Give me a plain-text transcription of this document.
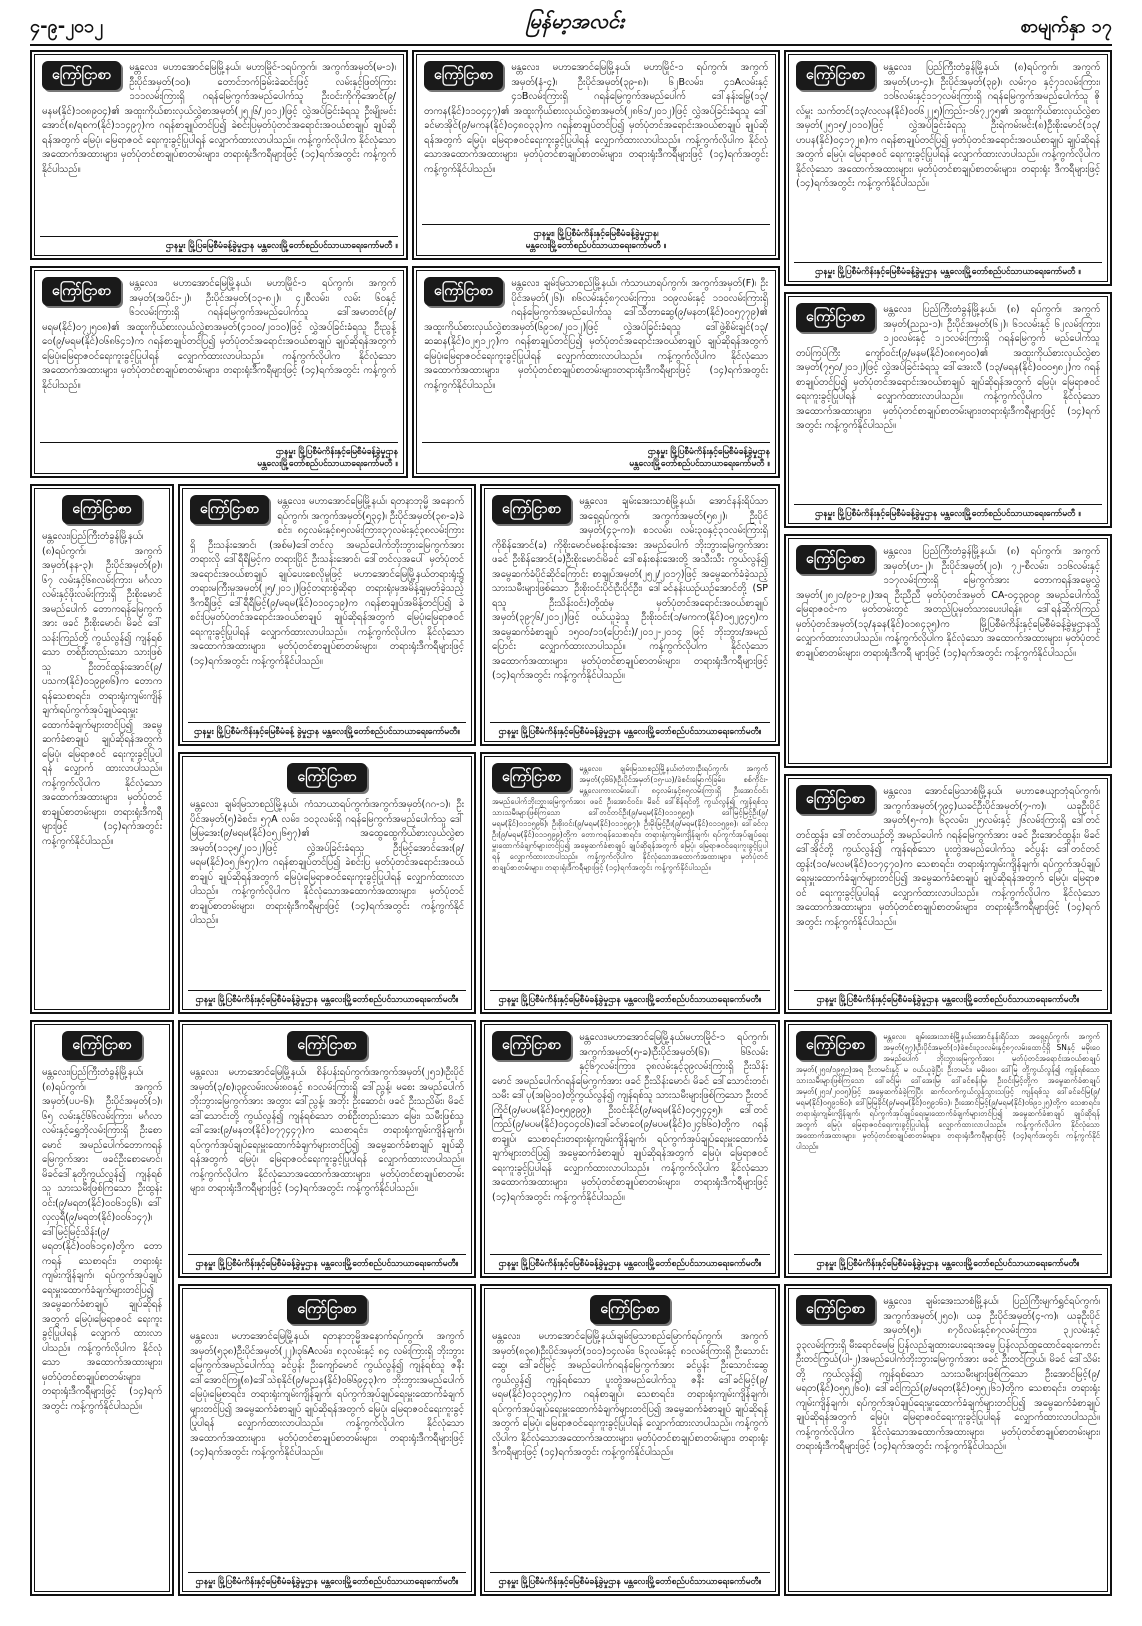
၄-၉-၂၀၁၂	မြန်မာ့အလင်း	စာမျက်နှာ ၁၇
ကြော်ငြာစာ	မန္တလေး၊ မဟာအောင်မြေမြို့နယ်၊ မဟာမြိုင်-၁ရပ်ကွက်၊ အကွက်အမှတ်(မ-၁)၊ ဦးပိုင်အမှတ်(၁၀)၊ တောင်ဘက်ခြမ်းခဲဆင်းဖြင့် လမ်းနှင့်ဖြတ်ကြား ၁၁၁လမ်းကြားရှိ ဂရန်မြေကွက်အမည်ပေါက်သူ ဦးဝင်းကိုကိုအောင်(၉/မနမ(နိုင်)၁၀၈၉၀၄)၏ အထူးကိုယ်စားလှယ်လွှဲစာအမှတ်(၂၅၂၆/၂၀၁၂)ဖြင့် လွှဲအပ်ခြင်းခံရသူ ဦးမျိုးမင်းအောင်(၈/ရစက(နိုင်)၁၁၄၉၇)က ဂရန်စာချုပ်တင်ပြ၍ ခဲစင်းပြမှတ်ပုံတင်အရောင်းအဝယ်စာချုပ် ချုပ်ဆိုရန်အတွက် မြေပုံ၊ မြေရာဇဝင် ရေးကူးခွင့်ပြုပါရန် လျှောက်ထားလာပါသည်။ ကန့်ကွက်လိုပါက နိုင်လုံသောအထောက်အထားများ၊ မှတ်ပုံတင်စာချုပ်စာတမ်းများ၊ တရားရုံးဒီကရီများဖြင့် (၁၄)ရက်အတွင်း ကန့်ကွက်နိုင်ပါသည်။

ဌာနမှူး မြို့ပြမြေစီမံခန့်ခွဲမှုဌာန မန္တလေးမြို့တော်စည်ပင်သာယာရေးကော်မတီ ။
ကြော်ငြာစာ	မန္တလေး၊ မဟာအောင်မြေမြို့နယ်၊ မဟာမြိုင်-၁ ရပ်ကွက်၊ အကွက်အမှတ်(နံ-၄)၊ ဦးပိုင်အမှတ်(၃၉-၈)၊ ၆၂Bလမ်း၊ ၄၁Aလမ်းနှင့် ၄၁Bလမ်းကြားရှိ ဂရန်မြေကွက်အမည်ပေါက် ဒေါ်နန်းမြွေ(၁၃/တကန(နိုင်)၁၁၀၄၄၇)၏ အထူးကိုယ်စားလှယ်လွှဲစာအမှတ်(၂၈၆၁/၂၀၁၂)ဖြင့် လွှဲအပ်ခြင်းခံရသူ ဒေါ်ခင်မာအိုင်(၉/မကန(နိုင်)၀၄၈၀၃၃)က ဂရန်စာချုပ်တင်ပြ၍ မှတ်ပုံတင်အရောင်းအဝယ်စာချုပ် ချုပ်ဆိုရန်အတွက် မြေပုံ၊ မြေရာဇဝင်ရေးကူးခွင့်ပြုပါရန် လျှောက်ထားလာပါသည်။ ကန့်ကွက်လိုပါက နိုင်လုံသောအထောက်အထားများ၊ မှတ်ပုံတင်စာချုပ်စာတမ်းများ၊ တရားရုံးဒီကရီများဖြင့် (၁၄)ရက်အတွင်း ကန့်ကွက်နိုင်ပါသည်။

ဌာနမှူး၊ မြို့ပြစီမံကိန်းနှင့်မြေစီမံခန့်ခွဲမှုဌာန၊
မန္တလေးမြို့တော်စည်ပင်သာယာရေးကော်မတီ ။
ကြော်ငြာစာ	မန္တလေး၊ ပြည်ကြီးတံခွန်မြို့နယ်၊ (၈)ရပ်ကွက်၊ အကွက်အမှတ်(ဟ-၄)၊ ဦးပိုင်အမှတ်(၃၉)၊ လမ်း၇၀ နှင့်၇၁လမ်းကြား၊ ၁၁၆လမ်းနှင့်၁၁၇လမ်းကြားရှိ ဂရန်မြေကွက်အမည်ပေါက်သူ ဇိုလ်မှူး သက်တင်(၁၃/လလန(နိုင်)၀၀၆၂၂၅)ကြည်း-၁၆၇၂၇၅၏ အထူးကိုယ်စားလှယ်လွှဲစာအမှတ်(၂၅၁၅/၂၀၁၀)ဖြင့် လွှဲအပ်ခြင်းခံရသူ ဦးရဲကမ်းမင်း(၈)ဦးစိုးမောင်(၁၃/ဟပန(နိုင်)၀၄၁၇၂၈)က ဂရန်စာချုပ်တင်ပြ၍ မှတ်ပုံတင်အရောင်းအဝယ်စာချုပ် ချုပ်ဆိုရန်အတွက် မြေပုံ၊ မြေရာဇဝင် ရေးကူးခွင့်ပြုပါရန် လျှောက်ထားလာပါသည်။ ကန့်ကွက်လိုပါက နိုင်လုံသော အထောက်အထားများ၊ မှတ်ပုံတင်စာချုပ်စာတမ်းများ၊ တရားရုံး ဒီကရီများဖြင့် (၁၄)ရက်အတွင်း ကန့်ကွက်နိုင်ပါသည်။

ဌာနမှူး မြို့ပြစီမံကိန်းနှင့်မြေစီမံခန့်ခွဲမှုဌာန မန္တလေးမြို့တော်စည်ပင်သာယာရေးကော်မတီ ။
ကြော်ငြာစာ	မန္တလေး၊ မဟာအောင်မြေမြို့နယ်၊ မဟာမြိုင်-၁ ရပ်ကွက်၊ အကွက်အမှတ်(အပိုင်း-၂)၊ ဦးပိုင်အမှတ်(၁၃-၈၂)၊ ၄၂စီလမ်း၊ လမ်း ၆၀နှင့် ၆၁လမ်းကြားရှိ ဂရန်မြေကွက်အမည်ပေါက်သူ ဒေါ်အမာတင်(၉/မရမ(နိုင်)၀၇၂၅၀၈)၏ အထူးကိုယ်စားလှယ်လွှဲစာအမှတ်(၄၁၀၀/၂၀၁၀)ဖြင့် လွှဲအပ်ခြင်းခံရသူ ဦးညွန့်ဝေ(၉/မရမ(နိုင်)၀၆၈၆၄၁)က ဂရန်စာချုပ်တင်ပြ၍ မှတ်ပုံတင်အရောင်းအဝယ်စာချုပ် ချုပ်ဆိုရန်အတွက် မြေပုံ၊မြေရာဇဝင်ရေးကူးခွင့်ပြုပါရန် လျှောက်ထားလာပါသည်။ ကန့်ကွက်လိုပါက နိုင်လုံသောအထောက်အထားများ၊ မှတ်ပုံတင်စာချုပ်စာတမ်းများ၊ တရားရုံးဒီကရီများဖြင့် (၁၄)ရက်အတွင်း ကန့်ကွက်နိုင်ပါသည်။

ဌာနမှူး မြို့ပြစီမံကိန်းနှင့်မြေစီမံခန့်ခွဲမှုဌာန
မန္တလေးမြို့တော်စည်ပင်သာယာရေးကော်မတီ ။
ကြော်ငြာစာ	မန္တလေး၊ ချမ်းမြသာစည်မြို့နယ်၊ ကံသာယာရပ်ကွက်၊ အကွက်အမှတ်(F)၊ ဦးပိုင်အမှတ်(၂၆)၊ ၈၆လမ်းနှင့်၈၇လမ်းကြား၊ ၁၀၉လမ်းနှင့် ၁၁၀လမ်းကြားရှိ ဂရန်မြေကွက်အမည်ပေါက်သူ ဒေါ်သီတာဆွေ(၉/မနတ(နိုင်)၀၀၅၇၇၉)၏ အထူးကိုယ်စားလှယ်လွှဲစာအမှတ်(၆၉၁၈/၂၀၁၂)ဖြင့် လွှဲအပ်ခြင်းခံရသူ ဒေါ်ဖွဲ့စိမ်းချင်(၁၃/ဆဆန(နိုင်)၀၂၅၁၂၇)က ဂရန်စာချုပ်တင်ပြ၍ မှတ်ပုံတင်အရောင်းအဝယ်စာချုပ် ချုပ်ဆိုရန်အတွက် မြေပုံ၊မြေရာဇဝင်ရေးကူးခွင့်ပြုပါရန် လျှောက်ထားလာပါသည်။ ကန့်ကွက်လိုပါက နိုင်လုံသောအထောက်အထားများ၊ မှတ်ပုံတင်စာချုပ်စာတမ်းများ၊တရားရုံးဒီကရီများဖြင့် (၁၄)ရက်အတွင်း ကန့်ကွက်နိုင်ပါသည်။

ဌာနမှူး မြို့ပြစီမံကိန်းနှင့်မြေစီမံခန့်ခွဲမှုဌာန
မန္တလေးမြို့တော်စည်ပင်သာယာရေးကော်မတီ ။
ကြော်ငြာစာ	မန္တလေး၊ ပြည်ကြီးတံခွန်မြို့နယ်၊ (၈) ရပ်ကွက်၊ အကွက်အမှတ်(ညည-၁)၊ ဦးပိုင်အမှတ်(၆၂)၊ ၆၁လမ်းနှင့် ၆၂လမ်းကြား၊ ၁၂၀လမ်းနှင့် ၁၂၁လမ်းကြားရှိ ဂရန်မြေကွက် မည်ပေါက်သူ တပ်ကြပ်ကြီး ကျော်ဝင်း(၉/မနမ(နိုင်)၀၈၈၅၀၀)၏ အထူးကိုယ်စားလှယ်လွှဲစာအမှတ်(၇၅၀/၂၀၁၂)ဖြင့် လွှဲအပ်ခြင်းခံရသူ ဒေါ်အေးလီ (၁၃/မရန(နိုင်)၀၀၀၅၈၂)က ဂရန်စာချုပ်တင်ပြ၍ မှတ်ပုံတင်အရောင်းအဝယ်စာချုပ် ချုပ်ဆိုရန်အတွက် မြေပုံ၊ မြေရာဇဝင် ရေးကူးခွင့်ပြုပါရန် လျှောက်ထားလာပါသည်။ ကန့်ကွက်လိုပါက နိုင်လုံသောအထောက်အထားများ၊ မှတ်ပုံတင်စာချုပ်စာတမ်းများ၊တရားရုံးဒီကရီများဖြင့် (၁၄)ရက်အတွင်း ကန့်ကွက်နိုင်ပါသည်။

ဌာနမှူး မြို့ပြစီမံကိန်းနှင့်မြေစီမံခန့်ခွဲမှုဌာန မန္တလေးမြို့တော်စည်ပင်သာယာရေးကော်မတီ ။
ကြော်ငြာစာ

မန္တလေး၊ပြည်ကြီးတံခွန်မြို့နယ်၊ (၈)ရပ်ကွက်၊ အကွက်အမှတ်(နန-၃)၊ ဦးပိုင်အမှတ်(၉)၊ ၆၇ လမ်းနှင့်၆၈လမ်းကြား၊ မင်္ဂလာလမ်းနှင့်ဖိုးလမ်းကြားရှိ ဦးစိုးမောင် အမည်ပေါက် တောကရန်မြေကွက်အား ဖခင် ဦးစိုးမောင်၊ မိခင် ဒေါ်သန်းကြည်တို့ ကွယ်လွန်၍ ကျန်ရစ်သော တစ်ဦးတည်းသော သားဖြစ်သူ ဦးတင်ထွန်းအောင်(၉/ပသက(နိုင်)၀၁၉၉၈၆)က တောကရန်သေစာရင်း၊ တရားရုံးကျမ်းကျိန်ချက်၊ရပ်ကွက်အုပ်ချုပ်ရေးမှူးထောက်ခံချက်များတင်ပြ၍ အမွေဆက်ခံစာချုပ် ချုပ်ဆိုရန်အတွက် မြေပုံ၊ မြေရာဇဝင် ရေးကူးခွင့်ပြုပါရန် လျှောက် ထားလာပါသည်။ ကန့်ကွက်လိုပါက နိုင်လုံသောအထောက်အထားများ၊ မှတ်ပုံတင်စာချုပ်စာတမ်းများ၊ တရားရုံးဒီကရီများဖြင့် (၁၄)ရက်အတွင်း ကန့်ကွက်နိုင်ပါသည်။

ကြော်ငြာစာ	မန္တလေး၊ မဟာအောင်မြေမြို့နယ်၊ ရတနာဘုမ္မိ အနောက်ရပ်ကွက်၊ အကွက်အမှတ်(၅၃၄)၊ ဦးပိုင်အမှတ်(၃၈-ခ)ခဲစင်း၊ ၈၄လမ်းနှင့်၈၅လမ်းကြား၊၃၇လမ်းနှင့်၃၈လမ်းကြားရှိ ဦးသန်းအောင်၊ (အစ်မ)ဒေါ်တင်လှ အမည်ပေါက်ဘိုးဘွားမြေကွက်အား တရားလို ဒေါ်ရီရီမြင့်က တရားပြိုင် ဦးသန်းအောင်၊ ဒေါ်တင်လှအပေါ် မှတ်ပုံတင်အရောင်းအဝယ်စာချုပ် ချုပ်ပေးစေလိုမှုဖြင့် မဟာအောင်မြေမြို့နယ်တရားရုံး၌ တရားမကြီးမှုအမှတ်(၂၅/၂၀၁၂)ဖြင့်တရားစွဲဆိုရာ တရားရုံးမှအမိန့်ချမှတ်ခဲ့သည့်ဒီကရီဖြင့် ဒေါ်ရီရီမြင့်(၉/မရမ(နိုင်)၀၁၀၄၁၉)က ဂရန်စာချုပ်အမိန့်တင်ပြ၍ ခဲစင်းပြမှတ်ပုံတင်အရောင်းအဝယ်စာချုပ် ချုပ်ဆိုရန်အတွက် မြေပုံ၊မြေရာဇဝင်ရေးကူးခွင့်ပြုပါရန် လျှောက်ထားလာပါသည်။ ကန့်ကွက်လိုပါက နိုင်လုံသောအထောက်အထားများ၊ မှတ်ပုံတင်စာချုပ်စာတမ်းများ၊ တရားရုံးဒီကရီများဖြင့် (၁၄)ရက်အတွင်း ကန့်ကွက်နိုင်ပါသည်။

ဌာနမှူး မြို့ပြစီမံကိန်းနှင့်မြေစီမံခန့် ခွဲမှုဌာန မန္တလေးမြို့တော်စည်ပင်သာယာရေးကော်မတီ။
ကြော်ငြာစာ	မန္တလေး၊ ချမ်းအေးသာစံမြို့နယ်၊ အောင်နန်းရိပ်သာ အရှေ့ရပ်ကွက်၊ အကွက်အမှတ်(၅၈၂)၊ ဦးပိုင်အမှတ်(၄၃-က)၊ စ၁လမ်း၊ လမ်း၃၀နှင့်၃၁လမ်းကြားရှိ ကိုစိန်အောင်(ခ) ကိုစိုးမောင်မစန်းစန်းအေး အမည်ပေါက် ဘိုးဘွားမြေကွက်အား ဖခင် ဦးစိန်အောင်(ခ)ဦးစိုးမောင်၊မိခင် ဒေါ်စန်းစန်းအေးတို့ အသီးသီး ကွယ်လွန်၍ အမွေဆက်ခံပိုင်ဆိုင်ကြောင်း စာချုပ်အမှတ်(၂၅၂/၂၀၁၇)ဖြင့် အမွေဆက်ခံခဲ့သည့် သားသမီးများဖြစ်သော ဦးစိုးဝင်းပိုင်၊ဦးပိုင်ဦး၊ ဒေါ်ခင်နန်းယဉ်ယဉ်အောင်တို့ (SP ရသူ ဦးသိန်းဝင်း)တို့ထံမှ မှတ်ပုံတင်အရောင်းအဝယ်စာချုပ်အမှတ်(၃၉၇၆/၂၀၁၂)ဖြင့် ဝယ်ယူခဲ့သူ ဦးစိုးဝင်း(၁/မကက(နိုင်)၀၅၂၉၄၅)က အမွေဆက်ခံစာချုပ် ၁၅၀၀/၁၁(ပြောင်း)/၂၀၁၂-၂၀၁၄ ဖြင့် ဘိုးဘွား/အမည်ပြောင်း လျှောက်ထားလာပါသည်။ ကန့်ကွက်လိုပါက နိုင်လုံသော အထောက်အထားများ၊ မှတ်ပုံတင်စာချုပ်စာတမ်းများ၊ တရားရုံးဒီကရီများဖြင့် (၁၄)ရက်အတွင်း ကန့်ကွက်နိုင်ပါသည်။

ဌာနမှူး မြို့ပြစီမံကိန်းနှင့်မြေစီမံခန့်ခွဲမှုဌာန မန္တလေးမြို့တော်စည်ပင်သာယာရေးကော်မတီ။
ကြော်ငြာစာ	မန္တလေး၊ ပြည်ကြီးတံခွန်မြို့နယ်၊ (၈) ရပ်ကွက်၊ အကွက်အမှတ်(ဟ-၂)၊ ဦးပိုင်အမှတ်(၂၀)၊ ၇၂-စီလမ်း၊ ၁၁၆လမ်းနှင့် ၁၁၇လမ်းကြားရှိ မြေကွက်အား တောကရန်အမွေလွှဲအမှတ်(၂၈၂၀/၉၁-၉၂)အရ ဦးညီညီ မှတ်ပုံတင်အမှတ် CA-၀၄၃၉၀၉ အမည်ပေါက်သို့ မြေရာဇဝင်-က မှတ်တမ်းတွင် အတည်ပြုမှတ်သားပေးပါရန်။ ဒေါ်ရန်ဆိုက်ကြည် မှတ်ပုံတင်အမှတ်(၁၃/နခန(နိုင်)၀၁၈၄၃၅)က မြို့ပြစီမံကိန်းနှင့်မြေစီမံခန့်ခွဲမှုဌာနသို့ လျှောက်ထားလာပါသည်။ ကန့်ကွက်လိုပါက နိုင်လုံသော အထောက်အထားများ၊ မှတ်ပုံတင်စာချုပ်စာတမ်းများ၊ တရားရုံးဒီကရီ များဖြင့် (၁၄)ရက်အတွင်း ကန့်ကွက်နိုင်ပါသည်။

ကြော်ငြာစာ

မန္တလေး၊ ချမ်းမြသာစည်မြို့နယ်၊ ကံသာယာရပ်ကွက်၊အကွက်အမှတ်(ဂဂ-၁)၊ ဦးပိုင်အမှတ်(၅)ခဲစင်း၊ ၅၇A လမ်း၊ ၁၀၃လမ်းရှိ ဂရန်မြေကွက်အမည်ပေါက်သူ ဒေါ်မြမြအေး(၉/မရမ(နိုင်)၀၅၂၆၅၇)၏ အထွေထွေကိုယ်စားလှယ်လွှဲစာအမှတ်(၁၁၃၅/၂၀၁၂)ဖြင့် လွှဲအပ်ခြင်းခံရသူ ဦးမြင့်အောင်အေး(၉/မရမ(နိုင်)၀၅၂၆၅၇)က ဂရန်စာချုပ်တင်ပြ၍ ခဲစင်းပြ မှတ်ပုံတင်အရောင်းအဝယ်စာချုပ် ချုပ်ဆိုရန်အတွက် မြေပုံ၊မြေရာဇဝင်ရေးကူးခွင့်ပြုပါရန် လျှောက်ထားလာပါသည်။ ကန့်ကွက်လိုပါက နိုင်လုံသောအထောက်အထားများ၊ မှတ်ပုံတင်စာချုပ်စာတမ်းများ၊ တရားရုံးဒီကရီများဖြင့် (၁၄)ရက်အတွင်း ကန့်ကွက်နိုင်ပါသည်။

ဌာနမှူး မြို့ပြစီမံကိန်းနှင့်မြေစီမံခန့်ခွဲမှုဌာန မန္တလေးမြို့တော်စည်ပင်သာယာရေးကော်မတီ။
ကြော်ငြာစာ

မန္တလေး၊ ချမ်းမြသာစည်မြို့နယ်၊တံတားဦးရပ်ကွက်၊ အကွက်အမှတ်(၄၆၆)၊ဦးပိုင်အမှတ်(၁၅-ယ)/ခဲစင်းမြောက်ခြမ်း၊ စစ်ကိုင်း- မန္တလေးကားလမ်းပေါ်၊ ၈၄လမ်းနှင့်၈၅လမ်းကြားရှိ ဦးအောင်ဝင်း အမည်ပေါက်ဘိုးဘွားမြေကွက်အား ဖခင် ဦးအောင်ဝင်း၊ မိခင် ဒေါ်စိန်ရင်တို့ ကွယ်လွန်၍ ကျန်ရစ်သူ သားသမီးများဖြစ်ကြသော ဒေါ်တင်တင်ဦး(၉/မရမ(နိုင်)၀၁၁၅၉၅)၊ ဒေါ်မြင့်မြင့်ဦး(၉/မရမ(နိုင်)၀၁၁၅၉၆)၊ ဦးစိုးဝင်း(၉/မရမ(နိုင်)၀၁၁၅၉၇)၊ ဦးမိုးမြင့်ဦး(၉/မရမ(နိုင်)၀၁၁၅၉၈)၊ ဒေါ်ခင်လှဦး(၉/မရမ(နိုင်)၀၁၁၅၉၉)တို့က တောကရန်သေစာရင်း၊ တရားရုံးကျမ်းကျိန်ချက်၊ ရပ်ကွက်အုပ်ချုပ်ရေးမှူးထောက်ခံချက်များတင်ပြ၍ အမွေဆက်ခံစာချုပ် ချုပ်ဆိုရန်အတွက် မြေပုံ၊ မြေရာဇဝင်ရေးကူးခွင့်ပြုပါရန် လျှောက်ထားလာပါသည်။ ကန့်ကွက်လိုပါက နိုင်လုံသောအထောက်အထားများ၊ မှတ်ပုံတင်စာချုပ်စာတမ်းများ၊ တရားရုံးဒီကရီများဖြင့် (၁၄)ရက်အတွင်း ကန့်ကွက်နိုင်ပါသည်။

ဌာနမှူး မြို့ပြစီမံကိန်းနှင့်မြေစီမံခန့်ခွဲမှုဌာန မန္တလေးမြို့တော်စည်ပင်သာယာရေးကော်မတီ။
ကြော်ငြာစာ	မန္တလေး၊ အောင်မြေသာစံမြို့နယ်၊ မဟာဇေယျာဘုံရပ်ကွက်၊အကွက်အမှတ်(၇၉၄)ယခင်ဦးပိုင်အမှတ်(၇-က)၊ ယခုဦးပိုင်အမှတ်(၅-က)၊ ၆၃လမ်း၊ ၂၅လမ်းနှင့် ၂၆လမ်းကြားရှိ ဒေါ်တင်တင်ထွန်း၊ ဒေါ်တင်တယဉ်တို့ အမည်ပေါက် ဂရန်မြေကွက်အား ဖခင် ဦးအောင်ထွန်း၊ မိခင် ဒေါ်အိုင်တို့ ကွယ်လွန်၍ ကျန်ရစ်သော ပူးတွဲအမည်ပေါက်သူ ခင်ပွန်း ဒေါ်တင်တင်ထွန်း(၁၀/မလမ(နိုင်)၀၁၇၄၇၀)က သေစာရင်း၊ တရားရုံးကျမ်းကျိန်ချက်၊ ရပ်ကွက်အုပ်ချုပ်ရေးမှူးထောက်ခံချက်များတင်ပြ၍ အမွေဆက်ခံစာချုပ် ချုပ်ဆိုရန်အတွက် မြေပုံ၊ မြေရာဇဝင် ရေးကူးခွင့်ပြုပါရန် လျှောက်ထားလာပါသည်။ ကန့်ကွက်လိုပါက နိုင်လုံသော အထောက်အထားများ၊ မှတ်ပုံတင်စာချုပ်စာတမ်းများ၊ တရားရုံးဒီကရီများဖြင့် (၁၄)ရက်အတွင်း ကန့်ကွက်နိုင်ပါသည်။

ဌာနမှူး မြို့ပြစီမံကိန်းနှင့်မြေစီမံခန့်ခွဲမှုဌာန မန္တလေးမြို့တော်စည်ပင်သာယာရေးကော်မတီ။
ကြော်ငြာစာ

မန္တလေး၊ပြည်ကြီးတံခွန်မြို့နယ်၊ (၈)ရပ်ကွက်၊ အကွက်အမှတ်(ပပ-၆)၊ ဦးပိုင်အမှတ်(၁)၊ ၆၅ လမ်းနှင့်၆၆လမ်းကြား၊ မင်္ဂလာလမ်းနှင့်ရွှေဘိုလမ်းကြားရှိ ဦးစောမောင် အမည်ပေါက်တောကရန်မြေကွက်အား ဖခင်ဦးစောမောင်၊မိခင်ဒေါ်နုတို့ကွယ်လွန်၍ ကျန်ရစ်သူ သားသမီးဖြစ်ကြသော ဦးထွန်းဝင်း(၉/မရတ(နိုင်)၀၀၆၁၄၆)၊ ဒေါ်လှလှရီ(၉/မရတ(နိုင်)၀၀၆၁၄၇)၊ ဒေါ်မြင့်မြင့်သိန်း(၉/မရတ(နိုင်)၀၀၆၁၄၈)တို့က တောကရန် သေစာရင်း၊ တရားရုံးကျမ်းကျိန်ချက်၊ ရပ်ကွက်အုပ်ချုပ်ရေးမှူးထောက်ခံချက်များတင်ပြ၍ အမွေဆက်ခံစာချုပ် ချုပ်ဆိုရန်အတွက် မြေပုံ၊မြေရာဇဝင် ရေးကူးခွင့်ပြုပါရန် လျှောက် ထားလာပါသည်။ ကန့်ကွက်လိုပါက နိုင်လုံသော အထောက်အထားများ၊မှတ်ပုံတင်စာချုပ်စာတမ်းများ၊ တရားရုံးဒီကရီများဖြင့် (၁၄)ရက်အတွင်း ကန့်ကွက်နိုင်ပါသည်။

ကြော်ငြာစာ

မန္တလေး၊ မဟာအောင်မြေမြို့နယ်၊ စိန်ပန်းရပ်ကွက်၊အကွက်အမှတ်(၂၅၁)၊ဦးပိုင်အမှတ်(၃/စ)၊၃၉လမ်း၊လမ်း၈၀နှင့် ၈၁လမ်းကြားရှိ ဒေါ်ညွန့်၊ မစေး အမည်ပေါက် ဘိုးဘွားမြေကွက်အား အတွား ဒေါ်ညွန့်၊ အဘိုး ဦးဆောင်၊ ဖခင် ဦးသညိမ်း၊ မိခင် ဒေါ်သောင်းတို့ ကွယ်လွန်၍ ကျန်ရစ်သော တစ်ဦးတည်းသော မြေး၊ သမီးဖြစ်သူ ဒေါ်အေး(၉/မနတ(နိုင်)၀၇၇၄၄၇)က သေစာရင်း၊ တရားရုံးကျမ်းကျိန်ချက်၊ ရပ်ကွက်အုပ်ချုပ်ရေးမှူးထောက်ခံချက်များတင်ပြ၍ အမွေဆက်ခံစာချုပ် ချုပ်ဆိုရန်အတွက် မြေပုံ၊ မြေရာဇဝင်ရေးကူးခွင့်ပြုပါရန် လျှောက်ထားလာပါသည်။ ကန့်ကွက်လိုပါက နိုင်လုံသောအထောက်အထားများ၊ မှတ်ပုံတင်စာချုပ်စာတမ်းများ၊ တရားရုံးဒီကရီများဖြင့် (၁၄)ရက်အတွင်း ကန့်ကွက်နိုင်ပါသည်။

ဌာနမှူး မြို့ပြစီမံကိန်းနှင့်မြေစီမံခန့်ခွဲမှုဌာန မန္တလေးမြို့တော်စည်ပင်သာယာရေးကော်မတီ။
ကြော်ငြာစာ	မန္တလေး၊မဟာအောင်မြေမြို့နယ်၊မဟာမြိုင်-၁ ရပ်ကွက်၊အကွက်အမှတ်(၅-ခ)၊ဦးပိုင်အမှတ်(၆)၊ ၆၆လမ်းနှင့်၆၇လမ်းကြား၊ ၃၈လမ်းနှင့်၃၉လမ်းကြားရှိ ဦးသိန်းမောင် အမည်ပေါက်ဂရန်မြေကွက်အား ဖခင် ဦးသိန်းမောင်၊ မိခင် ဒေါ်သောင်းတင်၊ သမီး ဒေါ်ပု(အမြဲ၁၀)တို့ကွယ်လွန်၍ ကျန်ရစ်သူ သားသမီးများဖြစ်ကြသော ဦးတင်ကြိုင်(၉/မပမ(နိုင်)၀၅၅၉၉၉)၊ ဦးဝင်းနိုင်(၉/မရမ(နိုင်)၀၄၅၄၄၅)၊ ဒေါ်တင်ကြည်(၉/မပမ(နိုင်)၀၄၀၄၀၆)၊ဒေါ်ခင်မာဝေ(၉/မပမ(နိုင်)၀၂၄၆၆၀)တို့က ဂရန်စာချုပ်၊ သေစာရင်း၊တရားရုံးကျမ်းကျိန်ချက်၊ ရပ်ကွက်အုပ်ချုပ်ရေးမှူးထောက်ခံချက်များတင်ပြ၍ အမွေဆက်ခံစာချုပ် ချုပ်ဆိုရန်အတွက် မြေပုံ၊ မြေရာဇဝင်ရေးကူးခွင့်ပြုပါရန် လျှောက်ထားလာပါသည်။ ကန့်ကွက်လိုပါက နိုင်လုံသောအထောက်အထားများ၊ မှတ်ပုံတင်စာချုပ်စာတမ်းများ၊ တရားရုံးဒီကရီများဖြင့် (၁၄)ရက်အတွင်း ကန့်ကွက်နိုင်ပါသည်။

ဌာနမှူး မြို့ပြစီမံကိန်းနှင့်မြေစီမံခန့်ခွဲမှုဌာန မန္တလေးမြို့တော်စည်ပင်သာယာရေးကော်မတီ။
ကြော်ငြာစာ

မန္တလေး၊ ချမ်းအေးသာစံမြို့နယ်၊အောင်နန်းရိပ်သာ အရှေ့ရပ်ကွက်၊ အကွက်အမှတ်(၅၇)၊ဦးပိုင်အမှတ်(၁)ခဲစင်း၊၃၁လမ်းနှင့်၈၇လမ်းထောင့်ရှိ SNနှင့် မမိုးဝေ အမည်ပေါက် ဘိုးဘွားမြေကွက်အား မှတ်ပုံတင်အရောင်းအဝယ်စာချုပ်အမှတ်(၂၅၀/၁၉၅၁)အရ ဦးဘမင်းနှင့် မ ဝယ်ယူခဲ့ပြီး ဦးဘမင်း၊ မမိုးဝေ၊ ဒေါ်မြ တို့ကွယ်လွန်၍ ကျန်ရစ်သော သားသမီးများဖြစ်ကြသော ဒေါ်ခင်မြ၊ ဒေါ်အေးမြ၊ ဒေါ်ခင်စန်းမြ၊ ဦးဝင်းမြင့်တို့က အမွေဆက်ခံစာချုပ်အမှတ်(၂၅၁/၂၀၀၅)ဖြင့် အမွေဆက်ခံခဲ့ကြပြီး ဆက်လက်ကွယ်လွန်သွားသဖြင့် ကျန်ရစ်သူ ဒေါ်ခင်ခင်မြ(၉/မရမ(နိုင်)၀၅၉၁၆၀)၊ ဒေါ်မြမြခိုင်(၉/မရမ(နိုင်)၀၅၉၁၆၁)၊ ဦးအောင်မြင့်(၉/မရမ(နိုင်)၀၆၉၁၂၅)တို့က သေစာရင်း၊တရားရုံးကျမ်းကျိန်ချက်၊ ရပ်ကွက်အုပ်ချုပ်ရေးမှူးထောက်ခံချက်များတင်ပြ၍ အမွေဆက်ခံစာချုပ် ချုပ်ဆိုရန်အတွက် မြေပုံ၊ မြေရာဇဝင်ရေးကူးခွင့်ပြုပါရန် လျှောက်ထားလာပါသည်။ ကန့်ကွက်လိုပါက နိုင်လုံသောအထောက်အထားများ၊ မှတ်ပုံတင်စာချုပ်စာတမ်းများ၊ တရားရုံးဒီကရီများဖြင့် (၁၄)ရက်အတွင်း ကန့်ကွက်နိုင်ပါသည်။

ဌာနမှူး မြို့ပြစီမံကိန်းနှင့်မြေစီမံခန့်ခွဲမှုဌာန မန္တလေးမြို့တော်စည်ပင်သာယာရေးကော်မတီ။
ကြော်ငြာစာ

မန္တလေး၊ မဟာအောင်မြေမြို့နယ်၊ ရတနာဘုမ္မိအနောက်ရပ်ကွက်၊ အကွက်အမှတ်(၅၃၈)ဦးပိုင်အမှတ်(၂၂)၊၃၆Aလမ်း၊ ၈၃လမ်းနှင့် ၈၄ လမ်းကြားရှိ ဘိုးဘွားမြေကွက်အမည်ပေါက်သူ ခင်ပွန်း ဦးကျော်မောင် ကွယ်လွန်၍ ကျန်ရစ်သူ ဇနီး ဒေါ်အောင်ကြူ(၈)ဒေါ်သဲစုနိုင်(၉/မညန(နိုင်)၀၆၆၉၄၃)က ဘိုးဘွားအမည်ပေါက် မြေပုံ၊မြေစာရင်း၊ တရားရုံးကျမ်းကျိန်ချက်၊ ရပ်ကွက်အုပ်ချုပ်ရေးမှူးထောက်ခံချက်များတင်ပြ၍ အမွေဆက်ခံစာချုပ် ချုပ်ဆိုရန်အတွက် မြေပုံ၊ မြေရာဇဝင်ရေးကူးခွင့်ပြုပါရန် လျှောက်ထားလာပါသည်။ ကန့်ကွက်လိုပါက နိုင်လုံသောအထောက်အထားများ၊ မှတ်ပုံတင်စာချုပ်စာတမ်းများ၊ တရားရုံးဒီကရီများဖြင့် (၁၄)ရက်အတွင်း ကန့်ကွက်နိုင်ပါသည်။

ဌာနမှူး မြို့ပြစီမံကိန်းနှင့်မြေစီမံခန့်ခွဲမှုဌာန မန္တလေးမြို့တော်စည်ပင်သာယာရေးကော်မတီ။
ကြော်ငြာစာ

မန္တလေး၊ မဟာအောင်မြေမြို့နယ်၊ချမ်းမြသာစည်မြောက်ရပ်ကွက်၊ အကွက်အမှတ်(၈၃၈)၊ဦးပိုင်အမှတ်(၁၀၁)၁၄လမ်း၊ ၆၃လမ်းနှင့် ၈၁လမ်းကြားရှိ ဦးသောင်းဆွေ၊ ဒေါ်ခင်မြင့် အမည်ပေါက်ဂရန်မြေကွက်အား ခင်ပွန်း ဦးသောင်းဆွေ ကွယ်လွန်၍ ကျန်ရစ်သော ပူးတွဲအမည်ပေါက်သူ ဇနီး ဒေါ်ခင်မြင့်(၉/မရမ(နိုင်)၀၃၁၃၅၄)က ဂရန်စာချုပ်၊ သေစာရင်း၊ တရားရုံးကျမ်းကျိန်ချက်၊ ရပ်ကွက်အုပ်ချုပ်ရေးမှူးထောက်ခံချက်များတင်ပြ၍ အမွေဆက်ခံစာချုပ် ချုပ်ဆိုရန်အတွက် မြေပုံ၊ မြေရာဇဝင်ရေးကူးခွင့်ပြုပါရန် လျှောက်ထားလာပါသည်။ ကန့်ကွက်လိုပါက နိုင်လုံသောအထောက်အထားများ၊ မှတ်ပုံတင်စာချုပ်စာတမ်းများ၊ တရားရုံးဒီကရီများဖြင့် (၁၄)ရက်အတွင်း ကန့်ကွက်နိုင်ပါသည်။

ဌာနမှူး မြို့ပြစီမံကိန်းနှင့်မြေစီမံခန့်ခွဲမှုဌာန မန္တလေးမြို့တော်စည်ပင်သာယာရေးကော်မတီ။
ကြော်ငြာစာ	မန္တလေး၊ ချမ်းအေးသာစံမြို့နယ်၊ ပြည်ကြီးမျက်ရွှင်ရပ်ကွက်၊အကွက်အမှတ်(၂၅၀)၊ ယခု ဦးပိုင်အမှတ်(၄-က)၊ ယခုဦးပိုင်အမှတ်(၅)၊ ၈၇ဝိလမ်းနှင့်၈၇လမ်းကြား၊ ၃၂လမ်းနှင့် ၃၃လမ်းကြားရှိ မီးရောင်မေမြ ပြန်လည်ချထားပေးရေးအမွေ ပြန်လည်ထူထောင်ရေးကောင်း ဦးတင်ကြွယ်(ပါ-၂)အမည်ပေါက်ဘိုးဘွားမြေကွက်အား ဖခင် ဦးတင်ကြွယ်၊ မိခင် ဒေါ်သိမ်းတို့ ကွယ်လွန်၍ ကျန်ရစ်သော သားသမီးများဖြစ်ကြသော ဦးအောင်မြင့်(၉/မရတ(နိုင်)၀၅၅၂၆၀)၊ ဒေါ်ခင်ကြည်(၉/မရတ(နိုင်)၀၅၅၂၆၁)တို့က သေစာရင်း၊ တရားရုံးကျမ်းကျိန်ချက်၊ ရပ်ကွက်အုပ်ချုပ်ရေးမှူးထောက်ခံချက်များတင်ပြ၍ အမွေဆက်ခံစာချုပ် ချုပ်ဆိုရန်အတွက် မြေပုံ၊ မြေရာဇဝင်ရေးကူးခွင့်ပြုပါရန် လျှောက်ထားလာပါသည်။ ကန့်ကွက်လိုပါက နိုင်လုံသောအထောက်အထားများ၊ မှတ်ပုံတင်စာချုပ်စာတမ်းများ၊ တရားရုံးဒီကရီများဖြင့် (၁၄)ရက်အတွင်း ကန့်ကွက်နိုင်ပါသည်။
